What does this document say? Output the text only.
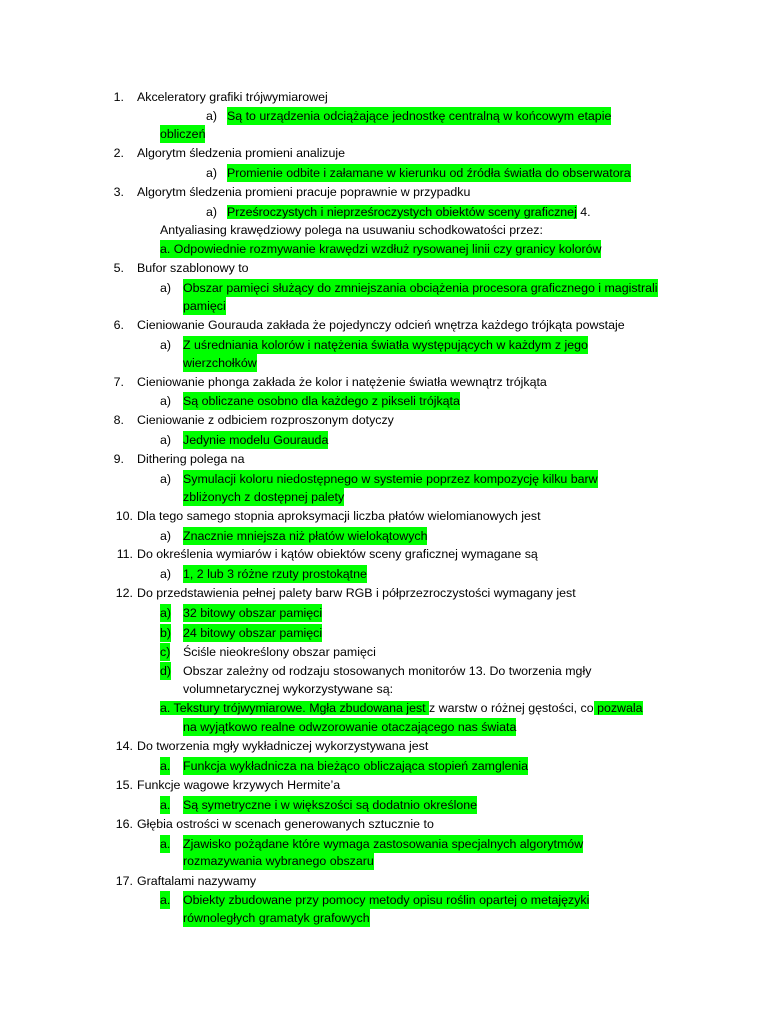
1. Akceleratory grafiki trójwymiarowej
a) Są to urządzenia odciążające jednostkę centralną w końcowym etapie
obliczeń
2. Algorytm śledzenia promieni analizuje
a) Promienie odbite i załamane w kierunku od źródła światła do obserwatora
3. Algorytm śledzenia promieni pracuje poprawnie w przypadku
a) Prześroczystych i nieprześroczystych obiektów sceny graficznej 4.
Antyaliasing krawędziowy polega na usuwaniu schodkowatości przez:
a. Odpowiednie rozmywanie krawędzi wzdłuż rysowanej linii czy granicy kolorów
5. Bufor szablonowy to
a) Obszar pamięci służący do zmniejszania obciążenia procesora graficznego i magistrali
pamięci
6. Cieniowanie Gourauda zakłada że pojedynczy odcień wnętrza każdego trójkąta powstaje
a) Z uśredniania kolorów i natężenia światła występujących w każdym z jego
wierzchołków
7. Cieniowanie phonga zakłada że kolor i natężenie światła wewnątrz trójkąta
a) Są obliczane osobno dla każdego z pikseli trójkąta
8. Cieniowanie z odbiciem rozproszonym dotyczy
a) Jedynie modelu Gourauda
9. Dithering polega na
a) Symulacji koloru niedostępnego w systemie poprzez kompozycję kilku barw
zbliżonych z dostępnej palety
10. Dla tego samego stopnia aproksymacji liczba płatów wielomianowych jest
a) Znacznie mniejsza niż płatów wielokątowych
11. Do określenia wymiarów i kątów obiektów sceny graficznej wymagane są
a) 1, 2 lub 3 różne rzuty prostokątne
12. Do przedstawienia pełnej palety barw RGB i półprzezroczystości wymagany jest
a) 32 bitowy obszar pamięci
b) 24 bitowy obszar pamięci
c) Ściśle nieokreślony obszar pamięci
d) Obszar zależny od rodzaju stosowanych monitorów 13. Do tworzenia mgły
volumnetarycznej wykorzystywane są:
a. Tekstury trójwymiarowe. Mgła zbudowana jest z warstw o różnej gęstości, co pozwala
na wyjątkowo realne odwzorowanie otaczającego nas świata
14. Do tworzenia mgły wykładniczej wykorzystywana jest
a. Funkcja wykładnicza na bieżąco obliczająca stopień zamglenia
15. Funkcje wagowe krzywych Hermite’a
a. Są symetryczne i w większości są dodatnio określone
16. Głębia ostrości w scenach generowanych sztucznie to
a. Zjawisko pożądane które wymaga zastosowania specjalnych algorytmów
rozmazywania wybranego obszaru
17. Graftalami nazywamy
a. Obiekty zbudowane przy pomocy metody opisu roślin opartej o metajęzyki
równoległych gramatyk grafowych
